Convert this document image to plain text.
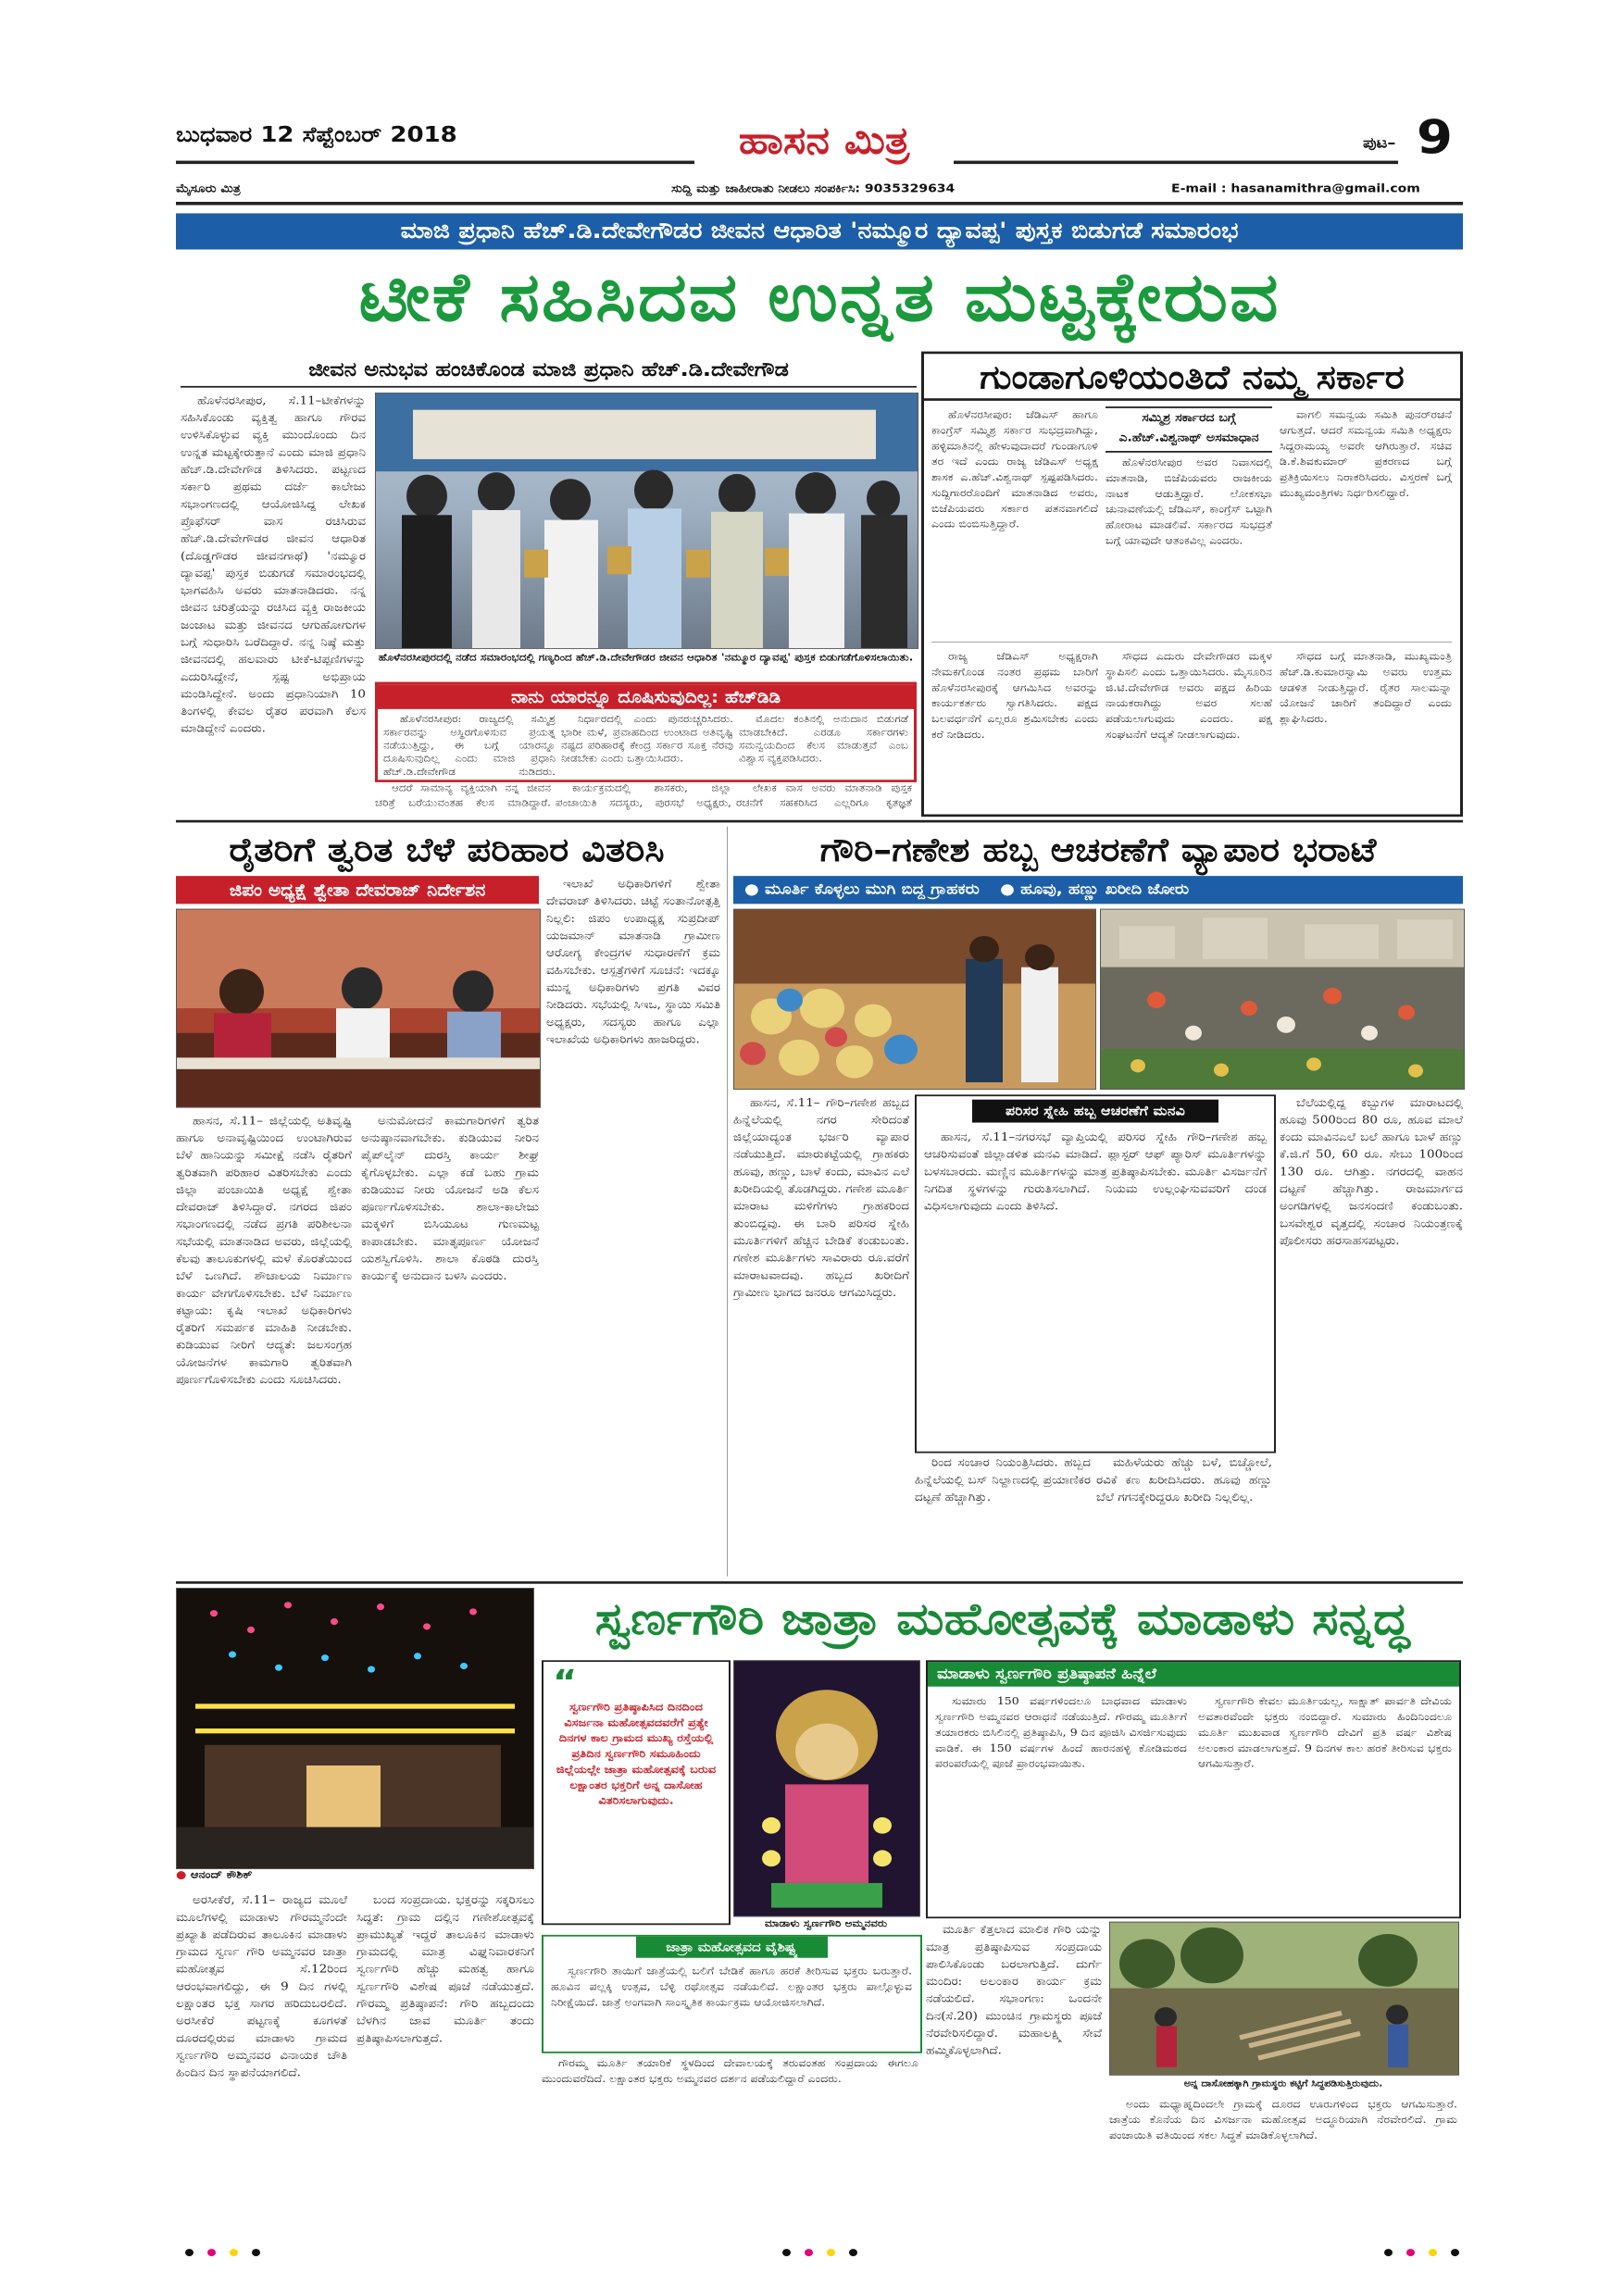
ಬುಧವಾರ 12 ಸೆಪ್ಟೆಂಬರ್ 2018	ಹಾಸನ ಮಿತ್ರ	ಪುಟ– 9
ಮೈಸೂರು ಮಿತ್ರ	ಸುದ್ದಿ ಮತ್ತು ಜಾಹೀರಾತು ನೀಡಲು ಸಂಪರ್ಕಿಸಿ: 9035329634	E-mail : hasanamithra@gmail.com
ಮಾಜಿ ಪ್ರಧಾನಿ ಹೆಚ್.ಡಿ.ದೇವೇಗೌಡರ ಜೀವನ ಆಧಾರಿತ 'ನಮ್ಮೂರ ದ್ಯಾವಪ್ಪ' ಪುಸ್ತಕ ಬಿಡುಗಡೆ ಸಮಾರಂಭ
ಟೀಕೆ ಸಹಿಸಿದವ ಉನ್ನತ ಮಟ್ಟಕ್ಕೇರುವ
ಜೀವನ ಅನುಭವ ಹಂಚಿಕೊಂಡ ಮಾಜಿ ಪ್ರಧಾನಿ ಹೆಚ್.ಡಿ.ದೇವೇಗೌಡ

ಹೊಳೆನರಸೀಪುರ, ಸೆ.11–ಟೀಕೆಗಳನ್ನು ಸಹಿಸಿಕೊಂಡು ವ್ಯಕ್ತಿತ್ವ ಹಾಗೂ ಗೌರವ ಉಳಿಸಿಕೊಳ್ಳುವ ವ್ಯಕ್ತಿ ಮುಂದೊಂದು ದಿನ ಉನ್ನತ ಮಟ್ಟಕ್ಕೇರುತ್ತಾನೆ ಎಂದು ಮಾಜಿ ಪ್ರಧಾನಿ ಹೆಚ್.ಡಿ.ದೇವೇಗೌಡ ತಿಳಿಸಿದರು. ಪಟ್ಟಣದ ಸರ್ಕಾರಿ ಪ್ರಥಮ ದರ್ಜೆ ಕಾಲೇಜು ಸಭಾಂಗಣದಲ್ಲಿ ಆಯೋಜಿಸಿದ್ದ ಲೇಖಕ ಪ್ರೊಫೆಸರ್ ವಾಸ ರಚಿಸಿರುವ ಹೆಚ್.ಡಿ.ದೇವೇಗೌಡರ ಜೀವನ ಆಧಾರಿತ (ದೊಡ್ಡಗೌಡರ ಜೀವನಗಾಥೆ) 'ನಮ್ಮೂರ ದ್ಯಾವಪ್ಪ' ಪುಸ್ತಕ ಬಿಡುಗಡೆ ಸಮಾರಂಭದಲ್ಲಿ ಭಾಗವಹಿಸಿ ಅವರು ಮಾತನಾಡಿದರು. ನನ್ನ ಜೀವನ ಚರಿತ್ರೆಯನ್ನು ರಚಿಸಿದ ವ್ಯಕ್ತಿ ರಾಜಕೀಯ ಜಂಜಾಟ ಮತ್ತು ಜೀವನದ ಆಗುಹೋಗುಗಳ ಬಗ್ಗೆ ಸುಧಾರಿಸಿ ಬರೆದಿದ್ದಾರೆ. ನನ್ನ ನಿಷ್ಠೆ ಮತ್ತು ಜೀವನದಲ್ಲಿ ಹಲವಾರು ಟೀಕೆ-ಟಿಪ್ಪಣಿಗಳನ್ನು ಎದುರಿಸಿದ್ದೇನೆ, ಸ್ಪಷ್ಟ ಅಭಿಪ್ರಾಯ ಮಂಡಿಸಿದ್ದೇನೆ. ಅಂದು ಪ್ರಧಾನಿಯಾಗಿ 10 ತಿಂಗಳಲ್ಲಿ ಕೇವಲ ರೈತರ ಪರವಾಗಿ ಕೆಲಸ ಮಾಡಿದ್ದೇನೆ ಎಂದರು.

ಹೊಳೆನರಸೀಪುರದಲ್ಲಿ ನಡೆದ ಸಮಾರಂಭದಲ್ಲಿ ಗಣ್ಯರಿಂದ ಹೆಚ್.ಡಿ.ದೇವೇಗೌಡರ ಜೀವನ ಆಧಾರಿತ 'ನಮ್ಮೂರ ದ್ಯಾವಪ್ಪ' ಪುಸ್ತಕ ಬಿಡುಗಡೆಗೊಳಿಸಲಾಯಿತು.
ನಾನು ಯಾರನ್ನೂ ದೂಷಿಸುವುದಿಲ್ಲ: ಹೆಚ್‌ಡಿಡಿ

ಹೊಳೆನರಸೀಪುರ: ರಾಜ್ಯದಲ್ಲಿ ಸಮ್ಮಿಶ್ರ ಸರ್ಕಾರವನ್ನು ಅಸ್ಥಿರಗೊಳಿಸುವ ಪ್ರಯತ್ನ ನಡೆಯುತ್ತಿದ್ದು, ಈ ಬಗ್ಗೆ ಯಾರನ್ನೂ ದೂಷಿಸುವುದಿಲ್ಲ ಎಂದು ಮಾಜಿ ಪ್ರಧಾನಿ ಹೆಚ್.ಡಿ.ದೇವೇಗೌಡ ನುಡಿದರು.

ನಿರ್ಧಾರದಲ್ಲಿ ಎಂದು ಪುನರುಚ್ಚರಿಸಿದರು. ಭಾರೀ ಮಳೆ, ಪ್ರವಾಹದಿಂದ ಉಂಟಾದ ಅತಿವೃಷ್ಟಿ ನಷ್ಟದ ಪರಿಹಾರಕ್ಕೆ ಕೇಂದ್ರ ಸರ್ಕಾರ ಸೂಕ್ತ ನೆರವು ನೀಡಬೇಕು ಎಂದು ಒತ್ತಾಯಿಸಿದರು.

ಮೊದಲ ಕಂತಿನಲ್ಲಿ ಅನುದಾನ ಬಿಡುಗಡೆ ಮಾಡಬೇಕಿದೆ. ಎರಡೂ ಸರ್ಕಾರಗಳು ಸಮನ್ವಯದಿಂದ ಕೆಲಸ ಮಾಡುತ್ತವೆ ಎಂಬ ವಿಶ್ವಾಸ ವ್ಯಕ್ತಪಡಿಸಿದರು.

ಆದರೆ ಸಾಮಾನ್ಯ ವ್ಯಕ್ತಿಯಾಗಿ ನನ್ನ ಜೀವನ ಚರಿತ್ರೆ ಬರೆಯುವಂತಹ ಕೆಲಸ ಮಾಡಿದ್ದಾರೆ.

ಕಾರ್ಯಕ್ರಮದಲ್ಲಿ ಶಾಸಕರು, ಜಿಲ್ಲಾ ಪಂಚಾಯಿತಿ ಸದಸ್ಯರು, ಪುರಸಭೆ ಅಧ್ಯಕ್ಷರು,

ಲೇಖಕ ವಾಸ ಅವರು ಮಾತನಾಡಿ ಪುಸ್ತಕ ರಚನೆಗೆ ಸಹಕರಿಸಿದ ಎಲ್ಲರಿಗೂ ಕೃತಜ್ಞತೆ

ಗುಂಡಾಗೂಳಿಯಂತಿದೆ ನಮ್ಮ ಸರ್ಕಾರ

ಹೊಳೆನರಸೀಪುರ: ಜೆಡಿಎಸ್ ಹಾಗೂ ಕಾಂಗ್ರೆಸ್ ಸಮ್ಮಿಶ್ರ ಸರ್ಕಾರ ಸುಭದ್ರವಾಗಿದ್ದು, ಹಳ್ಳಿಮಾತಿನಲ್ಲಿ ಹೇಳುವುದಾದರೆ ಗುಂಡಾಗೂಳಿ ತರ ಇದೆ ಎಂದು ರಾಜ್ಯ ಜೆಡಿಎಸ್ ಅಧ್ಯಕ್ಷ ಶಾಸಕ ಎ.ಹೆಚ್.ವಿಶ್ವನಾಥ್ ಸ್ಪಷ್ಟಪಡಿಸಿದರು. ಸುದ್ದಿಗಾರರೊಂದಿಗೆ ಮಾತನಾಡಿದ ಅವರು, ಬಿಜೆಪಿಯವರು ಸರ್ಕಾರ ಪತನವಾಗಲಿದೆ ಎಂದು ಬಿಂಬಿಸುತ್ತಿದ್ದಾರೆ.

ಸಮ್ಮಿಶ್ರ ಸರ್ಕಾರದ ಬಗ್ಗೆ ಎ.ಹೆಚ್.ವಿಶ್ವನಾಥ್ ಅಸಮಾಧಾನ

ಹೊಳೆನರಸೀಪುರ ಅವರ ನಿವಾಸದಲ್ಲಿ ಮಾತನಾಡಿ, ಬಿಜೆಪಿಯವರು ರಾಜಕೀಯ ನಾಟಕ ಆಡುತ್ತಿದ್ದಾರೆ. ಲೋಕಸಭಾ ಚುನಾವಣೆಯಲ್ಲಿ ಜೆಡಿಎಸ್, ಕಾಂಗ್ರೆಸ್ ಒಟ್ಟಾಗಿ ಹೋರಾಟ ಮಾಡಲಿವೆ. ಸರ್ಕಾರದ ಸುಭದ್ರತೆ ಬಗ್ಗೆ ಯಾವುದೇ ಆತಂಕವಿಲ್ಲ ಎಂದರು.

ವಾಗಲಿ ಸಮನ್ವಯ ಸಮಿತಿ ಪುನರ್‌ರಚನೆ ಆಗುತ್ತದೆ. ಆದರೆ ಸಮನ್ವಯ ಸಮಿತಿ ಅಧ್ಯಕ್ಷರು ಸಿದ್ದರಾಮಯ್ಯ ಅವರೇ ಆಗಿರುತ್ತಾರೆ. ಸಚಿವ ಡಿ.ಕೆ.ಶಿವಕುಮಾರ್ ಪ್ರಕರಣದ ಬಗ್ಗೆ ಪ್ರತಿಕ್ರಿಯಿಸಲು ನಿರಾಕರಿಸಿದರು. ವಿಸ್ತರಣೆ ಬಗ್ಗೆ ಮುಖ್ಯಮಂತ್ರಿಗಳು ನಿರ್ಧರಿಸಲಿದ್ದಾರೆ.

ರಾಜ್ಯ ಜೆಡಿಎಸ್ ಅಧ್ಯಕ್ಷರಾಗಿ ನೇಮಕಗೊಂಡ ನಂತರ ಪ್ರಥಮ ಬಾರಿಗೆ ಹೊಳೆನರಸೀಪುರಕ್ಕೆ ಆಗಮಿಸಿದ ಅವರನ್ನು ಕಾರ್ಯಕರ್ತರು ಸ್ವಾಗತಿಸಿದರು. ಪಕ್ಷದ ಬಲವರ್ಧನೆಗೆ ಎಲ್ಲರೂ ಶ್ರಮಿಸಬೇಕು ಎಂದು ಕರೆ ನೀಡಿದರು.

ಸೌಧದ ಎದುರು ದೇವೇಗೌಡರ ಮಕ್ಕಳ ಸ್ಥಾಪಿಸಲಿ ಎಂದು ಒತ್ತಾಯಿಸಿದರು. ಮೈಸೂರಿನ ಜಿ.ಟಿ.ದೇವೇಗೌಡ ಅವರು ಪಕ್ಷದ ಹಿರಿಯ ನಾಯಕರಾಗಿದ್ದು ಅವರ ಸಲಹೆ ಪಡೆಯಲಾಗುವುದು ಎಂದರು. ಪಕ್ಷ ಸಂಘಟನೆಗೆ ಆದ್ಯತೆ ನೀಡಲಾಗುವುದು.

ಸೌಧದ ಬಗ್ಗೆ ಮಾತನಾಡಿ, ಮುಖ್ಯಮಂತ್ರಿ ಹೆಚ್.ಡಿ.ಕುಮಾರಸ್ವಾಮಿ ಅವರು ಉತ್ತಮ ಆಡಳಿತ ನೀಡುತ್ತಿದ್ದಾರೆ. ರೈತರ ಸಾಲಮನ್ನಾ ಯೋಜನೆ ಜಾರಿಗೆ ತಂದಿದ್ದಾರೆ ಎಂದು ಶ್ಲಾಘಿಸಿದರು.

ರೈತರಿಗೆ ತ್ವರಿತ ಬೆಳೆ ಪರಿಹಾರ ವಿತರಿಸಿ
ಜಿಪಂ ಅಧ್ಯಕ್ಷೆ ಶ್ವೇತಾ ದೇವರಾಜ್ ನಿರ್ದೇಶನ

ಹಾಸನ, ಸೆ.11– ಜಿಲ್ಲೆಯಲ್ಲಿ ಅತಿವೃಷ್ಟಿ ಹಾಗೂ ಅನಾವೃಷ್ಟಿಯಿಂದ ಉಂಟಾಗಿರುವ ಬೆಳೆ ಹಾನಿಯನ್ನು ಸಮೀಕ್ಷೆ ನಡೆಸಿ ರೈತರಿಗೆ ತ್ವರಿತವಾಗಿ ಪರಿಹಾರ ವಿತರಿಸಬೇಕು ಎಂದು ಜಿಲ್ಲಾ ಪಂಚಾಯಿತಿ ಅಧ್ಯಕ್ಷೆ ಶ್ವೇತಾ ದೇವರಾಜ್ ತಿಳಿಸಿದ್ದಾರೆ. ನಗರದ ಜಿಪಂ ಸಭಾಂಗಣದಲ್ಲಿ ನಡೆದ ಪ್ರಗತಿ ಪರಿಶೀಲನಾ ಸಭೆಯಲ್ಲಿ ಮಾತನಾಡಿದ ಅವರು, ಜಿಲ್ಲೆಯಲ್ಲಿ ಕೆಲವು ತಾಲೂಕುಗಳಲ್ಲಿ ಮಳೆ ಕೊರತೆಯಿಂದ ಬೆಳೆ ಒಣಗಿದೆ. ಶೌಚಾಲಯ ನಿರ್ಮಾಣ ಕಾರ್ಯ ವೇಗಗೊಳಿಸಬೇಕು. ಬೆಳೆ ನಿರ್ಮಾಣ ಕಟ್ಟಾಯ: ಕೃಷಿ ಇಲಾಖೆ ಅಧಿಕಾರಿಗಳು ರೈತರಿಗೆ ಸಮರ್ಪಕ ಮಾಹಿತಿ ನೀಡಬೇಕು. ಕುಡಿಯುವ ನೀರಿಗೆ ಆದ್ಯತೆ: ಜಲಸಂಗ್ರಹ ಯೋಜನೆಗಳ ಕಾಮಗಾರಿ ತ್ವರಿತವಾಗಿ ಪೂರ್ಣಗೊಳಿಸಬೇಕು ಎಂದು ಸೂಚಿಸಿದರು.

ಅನುಮೋದನೆ ಕಾಮಗಾರಿಗಳಿಗೆ ತ್ವರಿತ ಅನುಷ್ಠಾನವಾಗಬೇಕು. ಕುಡಿಯುವ ನೀರಿನ ಪೈಪ್‌ಲೈನ್ ದುರಸ್ತಿ ಕಾರ್ಯ ಶೀಘ್ರ ಕೈಗೊಳ್ಳಬೇಕು. ಎಲ್ಲಾ ಕಡೆ ಬಹು ಗ್ರಾಮ ಕುಡಿಯುವ ನೀರು ಯೋಜನೆ ಅಡಿ ಕೆಲಸ ಪೂರ್ಣಗೊಳಿಸಬೇಕು. ಶಾಲಾ-ಕಾಲೇಜು ಮಕ್ಕಳಿಗೆ ಬಿಸಿಯೂಟ ಗುಣಮಟ್ಟ ಕಾಪಾಡಬೇಕು. ಮಾತೃಪೂರ್ಣ ಯೋಜನೆ ಯಶಸ್ವಿಗೊಳಿಸಿ. ಶಾಲಾ ಕೊಠಡಿ ದುರಸ್ತಿ ಕಾರ್ಯಕ್ಕೆ ಅನುದಾನ ಬಳಸಿ ಎಂದರು.

ಇಲಾಖೆ ಅಧಿಕಾರಿಗಳಿಗೆ ಶ್ವೇತಾ ದೇವರಾಜ್ ತಿಳಿಸಿದರು. ಚಿಟ್ಟೆ ಸಂತಾನೋತ್ಪತ್ತಿ ನಿಲ್ಲಲಿ: ಜಿಪಂ ಉಪಾಧ್ಯಕ್ಷ ಸುಪ್ರದೀಪ್ ಯಜಮಾನ್ ಮಾತನಾಡಿ ಗ್ರಾಮೀಣ ಆರೋಗ್ಯ ಕೇಂದ್ರಗಳ ಸುಧಾರಣೆಗೆ ಕ್ರಮ ವಹಿಸಬೇಕು. ಆಸ್ಪತ್ರೆಗಳಿಗೆ ಸೂಚನೆ: ಇದಕ್ಕೂ ಮುನ್ನ ಅಧಿಕಾರಿಗಳು ಪ್ರಗತಿ ವಿವರ ನೀಡಿದರು. ಸಭೆಯಲ್ಲಿ ಸಿಇಒ, ಸ್ಥಾಯಿ ಸಮಿತಿ ಅಧ್ಯಕ್ಷರು, ಸದಸ್ಯರು ಹಾಗೂ ಎಲ್ಲಾ ಇಲಾಖೆಯ ಅಧಿಕಾರಿಗಳು ಹಾಜರಿದ್ದರು.

ಗೌರಿ–ಗಣೇಶ ಹಬ್ಬ ಆಚರಣೆಗೆ ವ್ಯಾಪಾರ ಭರಾಟೆ
● ಮೂರ್ತಿ ಕೊಳ್ಳಲು ಮುಗಿ ಬಿದ್ದ ಗ್ರಾಹಕರು ● ಹೂವು, ಹಣ್ಣು ಖರೀದಿ ಜೋರು

ಹಾಸನ, ಸೆ.11– ಗೌರಿ–ಗಣೇಶ ಹಬ್ಬದ ಹಿನ್ನೆಲೆಯಲ್ಲಿ ನಗರ ಸೇರಿದಂತೆ ಜಿಲ್ಲೆಯಾದ್ಯಂತ ಭರ್ಜರಿ ವ್ಯಾಪಾರ ನಡೆಯುತ್ತಿದೆ. ಮಾರುಕಟ್ಟೆಯಲ್ಲಿ ಗ್ರಾಹಕರು ಹೂವು, ಹಣ್ಣು, ಬಾಳೆ ಕಂದು, ಮಾವಿನ ಎಲೆ ಖರೀದಿಯಲ್ಲಿ ತೊಡಗಿದ್ದರು. ಗಣೇಶ ಮೂರ್ತಿ ಮಾರಾಟ ಮಳಿಗೆಗಳು ಗ್ರಾಹಕರಿಂದ ತುಂಬಿದ್ದವು. ಈ ಬಾರಿ ಪರಿಸರ ಸ್ನೇಹಿ ಮೂರ್ತಿಗಳಿಗೆ ಹೆಚ್ಚಿನ ಬೇಡಿಕೆ ಕಂಡುಬಂತು. ಗಣೇಶ ಮೂರ್ತಿಗಳು ಸಾವಿರಾರು ರೂ.ವರೆಗೆ ಮಾರಾಟವಾದವು. ಹಬ್ಬದ ಖರೀದಿಗೆ ಗ್ರಾಮೀಣ ಭಾಗದ ಜನರೂ ಆಗಮಿಸಿದ್ದರು.

ಪರಿಸರ ಸ್ನೇಹಿ ಹಬ್ಬ ಆಚರಣೆಗೆ ಮನವಿ

ಹಾಸನ, ಸೆ.11–ನಗರಸಭೆ ವ್ಯಾಪ್ತಿಯಲ್ಲಿ ಪರಿಸರ ಸ್ನೇಹಿ ಗೌರಿ–ಗಣೇಶ ಹಬ್ಬ ಆಚರಿಸುವಂತೆ ಜಿಲ್ಲಾಡಳಿತ ಮನವಿ ಮಾಡಿದೆ. ಪ್ಲಾಸ್ಟರ್ ಆಫ್ ಪ್ಯಾರಿಸ್ ಮೂರ್ತಿಗಳನ್ನು ಬಳಸಬಾರದು. ಮಣ್ಣಿನ ಮೂರ್ತಿಗಳನ್ನು ಮಾತ್ರ ಪ್ರತಿಷ್ಠಾಪಿಸಬೇಕು. ಮೂರ್ತಿ ವಿಸರ್ಜನೆಗೆ ನಿಗದಿತ ಸ್ಥಳಗಳನ್ನು ಗುರುತಿಸಲಾಗಿದೆ. ನಿಯಮ ಉಲ್ಲಂಘಿಸುವವರಿಗೆ ದಂಡ ವಿಧಿಸಲಾಗುವುದು ಎಂದು ತಿಳಿಸಿದೆ.

ಬೆಲೆಯಲ್ಲಿದ್ದ ಕಬ್ಬುಗಳ ಮಾರಾಟದಲ್ಲಿ ಹೂವು 500ರಿಂದ 80 ರೂ, ಹೂವ ಮಾಲೆ ಕಂದು ಮಾವಿನಎಲೆ ಬಲೆ ಹಾಗೂ ಬಾಳೆ ಹಣ್ಣು ಕೆ.ಜಿ.ಗೆ 50, 60 ರೂ. ಸೇಬು 100ರಿಂದ 130 ರೂ. ಆಗಿತ್ತು. ನಗರದಲ್ಲಿ ವಾಹನ ದಟ್ಟಣೆ ಹೆಚ್ಚಾಗಿತ್ತು. ರಾಜಮಾರ್ಗದ ಅಂಗಡಿಗಳಲ್ಲಿ ಜನಸಂದಣಿ ಕಂಡುಬಂತು. ಬಸವೇಶ್ವರ ವೃತ್ತದಲ್ಲಿ ಸಂಚಾರ ನಿಯಂತ್ರಣಕ್ಕೆ ಪೊಲೀಸರು ಹರಸಾಹಸಪಟ್ಟರು.

ರಿಂದ ಸಂಚಾರ ನಿಯಂತ್ರಿಸಿದರು. ಹಬ್ಬದ ಹಿನ್ನೆಲೆಯಲ್ಲಿ ಬಸ್ ನಿಲ್ದಾಣದಲ್ಲಿ ಪ್ರಯಾಣಿಕರ ದಟ್ಟಣೆ ಹೆಚ್ಚಾಗಿತ್ತು.

ಮಹಿಳೆಯರು ಹೆಚ್ಚು ಬಳೆ, ಬಿಚ್ಚೋಲೆ, ರವಿಕೆ ಕಣ ಖರೀದಿಸಿದರು. ಹೂವು ಹಣ್ಣು ಬೆಲೆ ಗಗನಕ್ಕೇರಿದ್ದರೂ ಖರೀದಿ ನಿಲ್ಲಲಿಲ್ಲ.

● ಆನಂದ್ ಕೌಶಿಕ್
ಸ್ವರ್ಣಗೌರಿ ಜಾತ್ರಾ ಮಹೋತ್ಸವಕ್ಕೆ ಮಾಡಾಳು ಸನ್ನದ್ಧ
“
ಸ್ವರ್ಣಗೌರಿ ಪ್ರತಿಷ್ಠಾಪಿಸಿದ ದಿನದಿಂದ ವಿಸರ್ಜನಾ ಮಹೋತ್ಸವದವರೆಗೆ ಪ್ರತ್ಯೇ ದಿನಗಳ ಕಾಲ ಗ್ರಾಮದ ಮುಖ್ಯ ರಸ್ತೆಯಲ್ಲಿ ಪ್ರತಿದಿನ ಸ್ವರ್ಣಗೌರಿ ಸಮೂಹಿಂದು ಜಿಲ್ಲೆಯಲ್ಲೇ ಜಾತ್ರಾ ಮಹೋತ್ಸವಕ್ಕೆ ಬರುವ ಲಕ್ಷಾಂತರ ಭಕ್ತರಿಗೆ ಅನ್ನ ದಾಸೋಹ ವಿತರಿಸಲಾಗುವುದು.
ಮಾಡಾಳು ಸ್ವರ್ಣಗೌರಿ ಅಮ್ಮನವರು
ಮಾಡಾಳು ಸ್ವರ್ಣಗೌರಿ ಪ್ರತಿಷ್ಠಾಪನೆ ಹಿನ್ನೆಲೆ

ಸುಮಾರು 150 ವರ್ಷಗಳಿಂದಲೂ ಬಾಧವಾದ ಮಾಡಾಳು ಸ್ವರ್ಣಗೌರಿ ಅಮ್ಮನವರ ಆರಾಧನೆ ನಡೆಯುತ್ತಿದೆ. ಗೌರಮ್ಮ ಮೂರ್ತಿಗೆ ತಯಾರಕರು ಬಿಸಿಲಿನಲ್ಲಿ ಪ್ರತಿಷ್ಠಾಪಿಸಿ, 9 ದಿನ ಪೂಜಿಸಿ ವಿಸರ್ಜಿಸುವುದು ವಾಡಿಕೆ. ಈ 150 ವರ್ಷಗಳ ಹಿಂದೆ ಹಾರನಹಳ್ಳಿ ಕೋಡಿಮಠದ ಪರಂಪರೆಯಲ್ಲಿ ಪೂಜೆ ಪ್ರಾರಂಭವಾಯಿತು.

ಸ್ವರ್ಣಗೌರಿ ಕೇವಲ ಮೂರ್ತಿಯಲ್ಲ, ಸಾಕ್ಷಾತ್ ಪಾರ್ವತಿ ದೇವಿಯ ಅವತಾರವೆಂದೇ ಭಕ್ತರು ನಂಬಿದ್ದಾರೆ. ಸುಮಾರು ಹಿಂದಿನಿಂದಲೂ ಮೂರ್ತಿ ಮುಖವಾಡ ಸ್ವರ್ಣಗೌರಿ ದೇವಿಗೆ ಪ್ರತಿ ವರ್ಷ ವಿಶೇಷ ಅಲಂಕಾರ ಮಾಡಲಾಗುತ್ತದೆ. 9 ದಿನಗಳ ಕಾಲ ಹರಕೆ ತೀರಿಸುವ ಭಕ್ತರು ಆಗಮಿಸುತ್ತಾರೆ.

ಅರಸೀಕೆರೆ, ಸೆ.11– ರಾಜ್ಯದ ಮೂಲೆ ಮೂಲೆಗಳಲ್ಲಿ ಮಾಡಾಳು ಗೌರಮ್ಮನೆಂದೇ ಪ್ರಖ್ಯಾತಿ ಪಡೆದಿರುವ ತಾಲೂಕಿನ ಮಾಡಾಳು ಗ್ರಾಮದ ಸ್ವರ್ಣ ಗೌರಿ ಅಮ್ಮನವರ ಜಾತ್ರಾ ಮಹೋತ್ಸವ ಸೆ.12ರಿಂದ ಆರಂಭವಾಗಲಿದ್ದು, ಈ 9 ದಿನ ಗಳಲ್ಲಿ ಲಕ್ಷಾಂತರ ಭಕ್ತ ಸಾಗರ ಹರಿದುಬರಲಿದೆ. ಅರಸೀಕೆರೆ ಪಟ್ಟಣಕ್ಕೆ ಕೂಗಳತೆ ದೂರದಲ್ಲಿರುವ ಮಾಡಾಳು ಗ್ರಾಮದ ಸ್ವರ್ಣಗೌರಿ ಅಮ್ಮನವರ ವಿನಾಯಕ ಚೌತಿ ಹಿಂದಿನ ದಿನ ಸ್ಥಾಪನೆಯಾಗಲಿದೆ.

ಬಂದ ಸಂಪ್ರದಾಯ. ಭಕ್ತರನ್ನು ಸಕ್ಕರಿಸಲು ಸಿದ್ಧತೆ: ಗ್ರಾಮ ದಲ್ಲಿನ ಗಣೇಶೋತ್ಸವಕ್ಕೆ ಪ್ರಾಮುಖ್ಯತೆ ಇದ್ದರೆ ತಾಲೂಕಿನ ಮಾಡಾಳು ಗ್ರಾಮದಲ್ಲಿ ಮಾತ್ರ ವಿಘ್ನನಿವಾರಕನಿಗೆ ಸ್ವರ್ಣಗೌರಿ ಹೆಚ್ಚು ಮಹತ್ವ ಹಾಗೂ ಸ್ವರ್ಣಗೌರಿ ವಿಶೇಷ ಪೂಜೆ ನಡೆಯುತ್ತದೆ. ಗೌರಮ್ಮ ಪ್ರತಿಷ್ಠಾಪನೆ: ಗೌರಿ ಹಬ್ಬದಂದು ಬೆಳಗಿನ ಜಾವ ಮೂರ್ತಿ ತಂದು ಪ್ರತಿಷ್ಠಾಪಿಸಲಾಗುತ್ತದೆ.

ಜಾತ್ರಾ ಮಹೋತ್ಸವದ ವೈಶಿಷ್ಟ್ಯ

ಸ್ವರ್ಣಗೌರಿ ತಾಯಿಗೆ ಜಾತ್ರೆಯಲ್ಲಿ ಬಲಿಗೆ ಬೇಡಿಕೆ ಹಾಗೂ ಹರಕೆ ತೀರಿಸುವ ಭಕ್ತರು ಬರುತ್ತಾರೆ. ಹೂವಿನ ಪಲ್ಲಕ್ಕಿ ಉತ್ಸವ, ಬೆಳ್ಳಿ ರಥೋತ್ಸವ ನಡೆಯಲಿದೆ. ಲಕ್ಷಾಂತರ ಭಕ್ತರು ಪಾಲ್ಗೊಳ್ಳುವ ನಿರೀಕ್ಷೆಯಿದೆ. ಜಾತ್ರೆ ಅಂಗವಾಗಿ ಸಾಂಸ್ಕೃತಿಕ ಕಾರ್ಯಕ್ರಮ ಆಯೋಜಿಸಲಾಗಿದೆ.

ಗೌರಮ್ಮ ಮೂರ್ತಿ ತಯಾರಿಕೆ ಸ್ಥಳದಿಂದ ದೇವಾಲಯಕ್ಕೆ ತರುವಂತಹ ಸಂಪ್ರದಾಯ ಈಗಲೂ ಮುಂದುವರೆದಿದೆ. ಲಕ್ಷಾಂತರ ಭಕ್ತರು ಅಮ್ಮನವರ ದರ್ಶನ ಪಡೆಯಲಿದ್ದಾರೆ ಎಂದರು.

ಮೂರ್ತಿ ಕೆತ್ತಲಾದ ಮಾಲಿಕ ಗೌರಿ ಯನ್ನು ಮಾತ್ರ ಪ್ರತಿಷ್ಠಾಪಿಸುವ ಸಂಪ್ರದಾಯ ಪಾಲಿಸಿಕೊಂಡು ಬರಲಾಗುತ್ತಿದೆ. ದುರ್ಗೆ ಮಂದಿರ: ಅಲಂಕಾರ ಕಾರ್ಯ ಕ್ರಮ ನಡೆಯಲಿದೆ. ಸಭಾಂಗಣ: ಒಂದನೇ ದಿನ(ಸೆ.20) ಮುಂಚಿನ ಗ್ರಾಮಸ್ಥರು ಪೂಜೆ ನೆರವೇರಿಸಲಿದ್ದಾರೆ. ಮಹಾಲಕ್ಷ್ಮಿ ಸೇವೆ ಹಮ್ಮಿಕೊಳ್ಳಲಾಗಿದೆ.

ಅನ್ನ ದಾಸೋಹಕ್ಕಾಗಿ ಗ್ರಾಮಸ್ಥರು ಕಟ್ಟಿಗೆ ಸಿದ್ಧಪಡಿಸುತ್ತಿರುವುದು.

ಅಂದು ಮಧ್ಯಾಹ್ನದಿಂದಲೇ ಗ್ರಾಮಕ್ಕೆ ದೂರದ ಊರುಗಳಿಂದ ಭಕ್ತರು ಆಗಮಿಸುತ್ತಾರೆ. ಜಾತ್ರೆಯ ಕೊನೆಯ ದಿನ ವಿಸರ್ಜನಾ ಮಹೋತ್ಸವ ಅದ್ಧೂರಿಯಾಗಿ ನೆರವೇರಲಿದೆ. ಗ್ರಾಮ ಪಂಚಾಯಿತಿ ವತಿಯಿಂದ ಸಕಲ ಸಿದ್ಧತೆ ಮಾಡಿಕೊಳ್ಳಲಾಗಿದೆ.
